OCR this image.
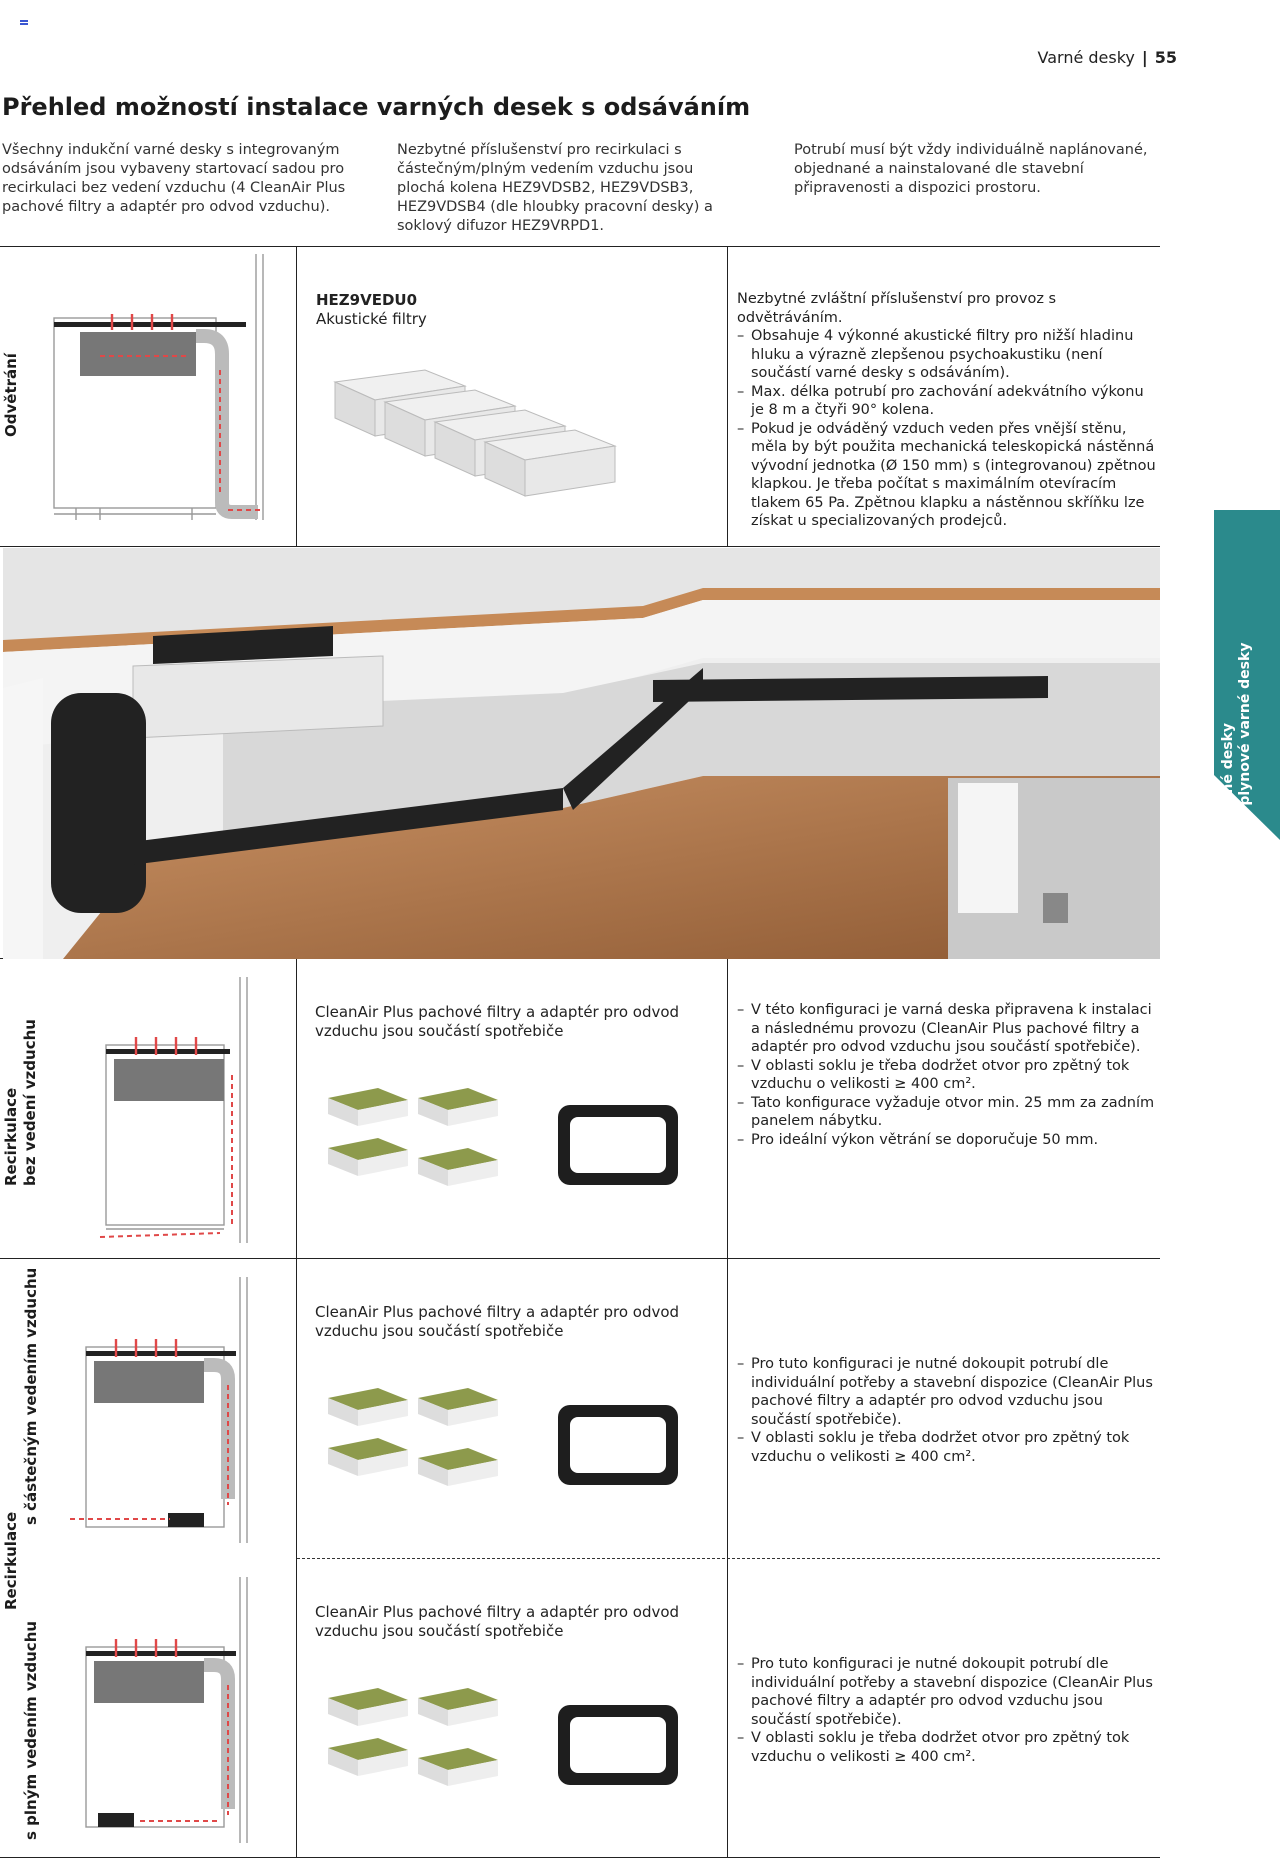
Varné desky | 55
Varné desky a plynové varné desky
Přehled možností instalace varných desek s odsáváním

Všechny indukční varné desky s integrovaným odsáváním jsou vybaveny startovací sadou pro recirkulaci bez vedení vzduchu (4 CleanAir Plus pachové filtry a adaptér pro odvod vzduchu).

Nezbytné příslušenství pro recirkulaci s částečným/plným vedením vzduchu jsou plochá kolena HEZ9VDSB2, HEZ9VDSB3, HEZ9VDSB4 (dle hloubky pracovní desky) a soklový difuzor HEZ9VRPD1.

Potrubí musí být vždy individuálně naplánované, objednané a nainstalované dle stavební připravenosti a dispozici prostoru.

Odvětrání
HEZ9VEDU0
Akustické filtry
Nezbytné zvláštní příslušenství pro provoz s odvětráváním.
– Obsahuje 4 výkonné akustické filtry pro nižší hladinu hluku a výrazně zlepšenou psychoakustiku (není součástí varné desky s odsáváním).
– Max. délka potrubí pro zachování adekvátního výkonu je 8 m a čtyři 90° kolena.
– Pokud je odváděný vzduch veden přes vnější stěnu, měla by být použita mechanická teleskopická nástěnná vývodní jednotka (Ø 150 mm) s (integrovanou) zpětnou klapkou. Je třeba počítat s maximálním otevíracím tlakem 65 Pa. Zpětnou klapku a nástěnnou skříňku lze získat u specializovaných prodejců.
Recirkulace bez vedení vzduchu
CleanAir Plus pachové filtry a adaptér pro odvod vzduchu jsou součástí spotřebiče
– V této konfiguraci je varná deska připravena k instalaci a následnému provozu (CleanAir Plus pachové filtry a adaptér pro odvod vzduchu jsou součástí spotřebiče).
– V oblasti soklu je třeba dodržet otvor pro zpětný tok vzduchu o velikosti ≥ 400 cm².
– Tato konfigurace vyžaduje otvor min. 25 mm za zadním panelem nábytku.
– Pro ideální výkon větrání se doporučuje 50 mm.
Recirkulace
s částečným vedením vzduchu
s plným vedením vzduchu
CleanAir Plus pachové filtry a adaptér pro odvod vzduchu jsou součástí spotřebiče
– Pro tuto konfiguraci je nutné dokoupit potrubí dle individuální potřeby a stavební dispozice (CleanAir Plus pachové filtry a adaptér pro odvod vzduchu jsou součástí spotřebiče).
– V oblasti soklu je třeba dodržet otvor pro zpětný tok vzduchu o velikosti ≥ 400 cm².
CleanAir Plus pachové filtry a adaptér pro odvod vzduchu jsou součástí spotřebiče
– Pro tuto konfiguraci je nutné dokoupit potrubí dle individuální potřeby a stavební dispozice (CleanAir Plus pachové filtry a adaptér pro odvod vzduchu jsou součástí spotřebiče).
– V oblasti soklu je třeba dodržet otvor pro zpětný tok vzduchu o velikosti ≥ 400 cm².
